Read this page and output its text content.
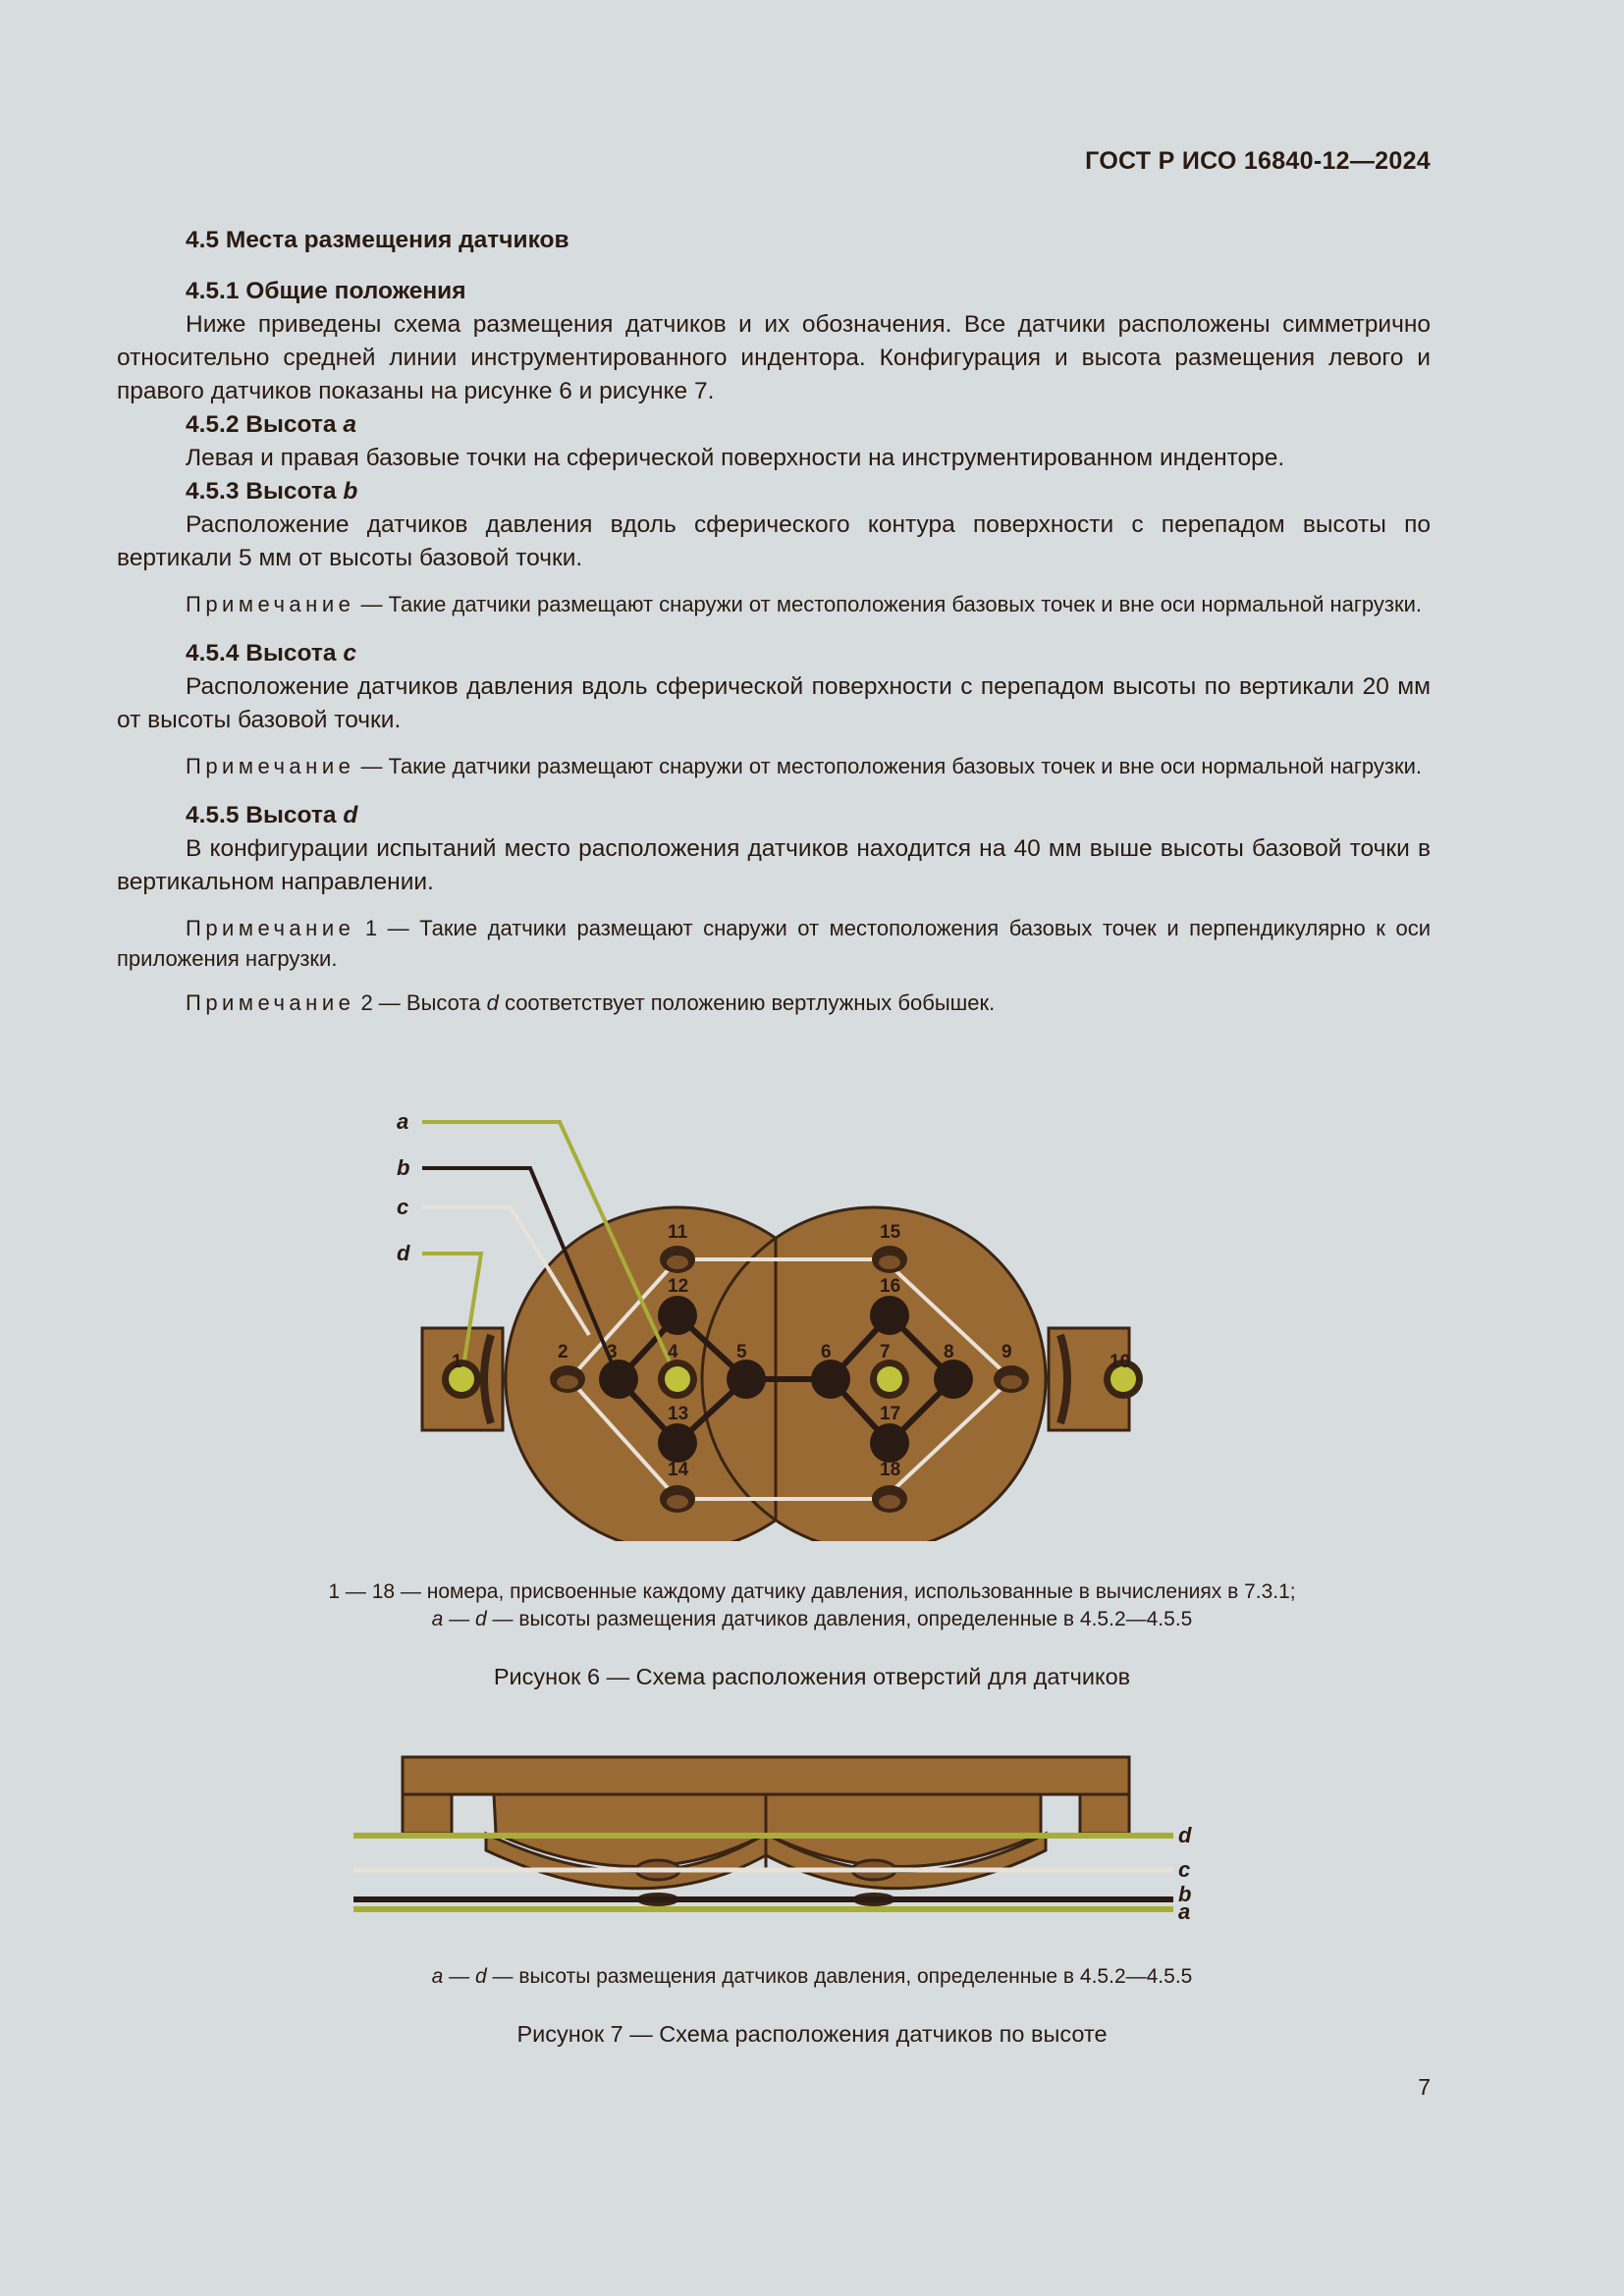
ГОСТ Р ИСО 16840-12—2024

4.5 Места размещения датчиков

4.5.1 Общие положения

Ниже приведены схема размещения датчиков и их обозначения. Все датчики расположены симметрично относительно средней линии инструментированного индентора. Конфигурация и высота размещения левого и правого датчиков показаны на рисунке 6 и рисунке 7.

4.5.2 Высота a

Левая и правая базовые точки на сферической поверхности на инструментированном инденторе.

4.5.3 Высота b

Расположение датчиков давления вдоль сферического контура поверхности с перепадом высоты по вертикали 5 мм от высоты базовой точки.

Примечание — Такие датчики размещают снаружи от местоположения базовых точек и вне оси нормальной нагрузки.

4.5.4 Высота c

Расположение датчиков давления вдоль сферической поверхности с перепадом высоты по вертикали 20 мм от высоты базовой точки.

Примечание — Такие датчики размещают снаружи от местоположения базовых точек и вне оси нормальной нагрузки.

4.5.5 Высота d

В конфигурации испытаний место расположения датчиков находится на 40 мм выше высоты базовой точки в вертикальном направлении.

Примечание 1 — Такие датчики размещают снаружи от местоположения базовых точек и перпендикулярно к оси приложения нагрузки.

Примечание 2 — Высота d соответствует положению вертлужных бобышек.

a
b
c
d
1	2 3	4	5	6	7	8	9	10
11
12
13
14
15
16
17
18
1 — 18 — номера, присвоенные каждому датчику давления, использованные в вычислениях в 7.3.1;
a — d — высоты размещения датчиков давления, определенные в 4.5.2—4.5.5
Рисунок 6 — Схема расположения отверстий для датчиков
d
c
b
a
a — d — высоты размещения датчиков давления, определенные в 4.5.2—4.5.5
Рисунок 7 — Схема расположения датчиков по высоте
7
